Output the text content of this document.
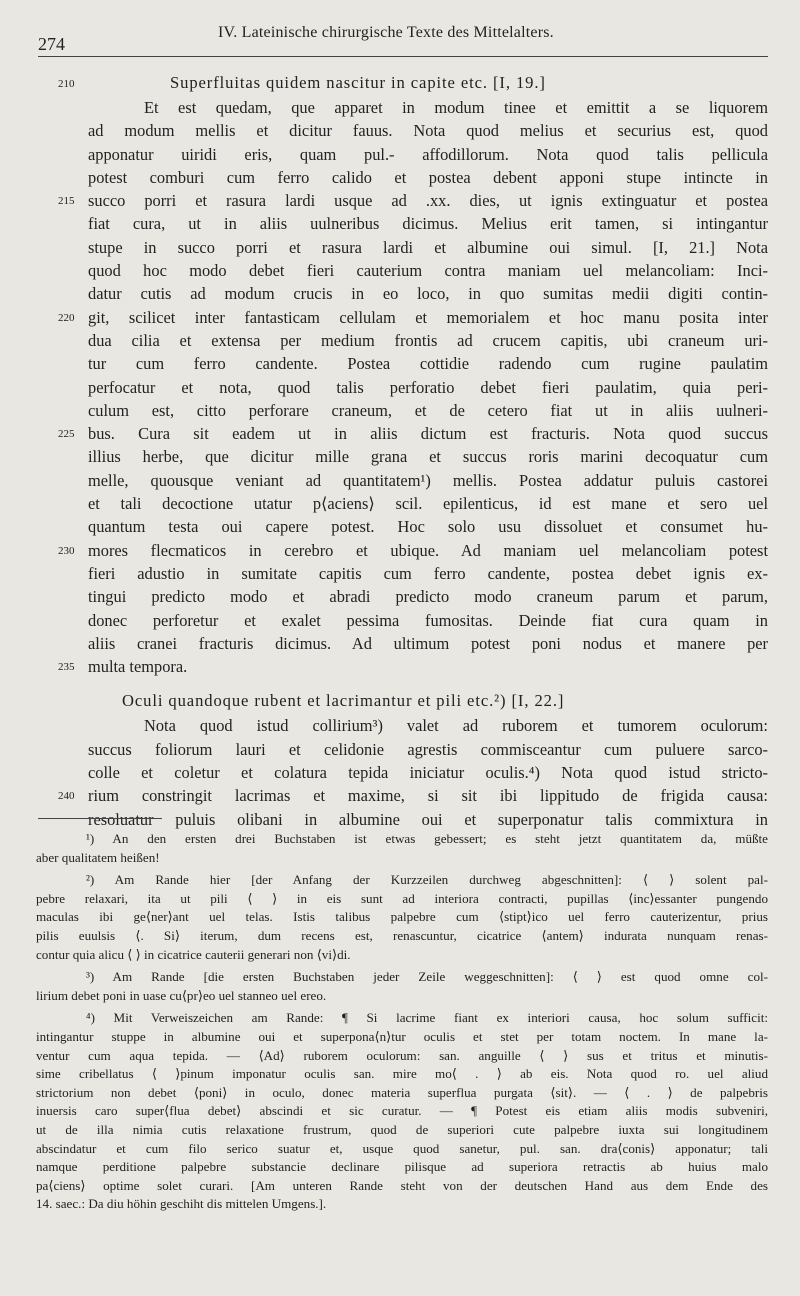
274
IV. Lateinische chirurgische Texte des Mittelalters.
210	Superfluitas quidem nascitur in capite etc. [I, 19.]
Et est quedam, que apparet in modum tinee et emittit a se liquorem
ad modum mellis et dicitur fauus. Nota quod melius et securius est, quod
apponatur uiridi eris, quam pul.- affodillorum. Nota quod talis pellicula
potest comburi cum ferro calido et postea debent apponi stupe intincte in
215 succo porri et rasura lardi usque ad .xx. dies, ut ignis extinguatur et postea
fiat cura, ut in aliis uulneribus dicimus. Melius erit tamen, si intingantur
stupe in succo porri et rasura lardi et albumine oui simul. [I, 21.] Nota
quod hoc modo debet fieri cauterium contra maniam uel melancoliam: Inci-
datur cutis ad modum crucis in eo loco, in quo sumitas medii digiti contin-
220 git, scilicet inter fantasticam cellulam et memorialem et hoc manu posita inter
dua cilia et extensa per medium frontis ad crucem capitis, ubi craneum uri-
tur cum ferro candente. Postea cottidie radendo cum rugine paulatim
perfocatur et nota, quod talis perforatio debet fieri paulatim, quia peri-
culum est, citto perforare craneum, et de cetero fiat ut in aliis uulneri-
225 bus. Cura sit eadem ut in aliis dictum est fracturis. Nota quod succus
illius herbe, que dicitur mille grana et succus roris marini decoquatur cum
melle, quousque veniant ad quantitatem¹) mellis. Postea addatur puluis castorei
et tali decoctione utatur p⟨aciens⟩ scil. epilenticus, id est mane et sero uel
quantum testa oui capere potest. Hoc solo usu dissoluet et consumet hu-
230 mores flecmaticos in cerebro et ubique. Ad maniam uel melancoliam potest
fieri adustio in sumitate capitis cum ferro candente, postea debet ignis ex-
tingui predicto modo et abradi predicto modo craneum parum et parum,
donec perforetur et exalet pessima fumositas. Deinde fiat cura quam in
aliis cranei fracturis dicimus. Ad ultimum potest poni nodus et manere per
235 multa tempora.
Oculi quandoque rubent et lacrimantur et pili etc.²) [I, 22.]
Nota quod istud collirium³) valet ad ruborem et tumorem oculorum:
succus foliorum lauri et celidonie agrestis commisceantur cum puluere sarco-
colle et coletur et colatura tepida iniciatur oculis.⁴) Nota quod istud stricto-
240 rium constringit lacrimas et maxime, si sit ibi lippitudo de frigida causa:
resoluatur puluis olibani in albumine oui et superponatur talis commixtura in
¹) An den ersten drei Buchstaben ist etwas gebessert; es steht jetzt quantitatem da, müßte
aber qualitatem heißen!
²) Am Rande hier [der Anfang der Kurzzeilen durchweg abgeschnitten]: ⟨ ⟩ solent pal-
pebre relaxari, ita ut pili ⟨ ⟩ in eis sunt ad interiora contracti, pupillas ⟨inc⟩essanter pungendo
maculas ibi ge⟨ner⟩ant uel telas. Istis talibus palpebre cum ⟨stipt⟩ico uel ferro cauterizentur, prius
pilis euulsis ⟨. Si⟩ iterum, dum recens est, renascuntur, cicatrice ⟨antem⟩ indurata nunquam renas-
contur quia alicu ⟨ ⟩ in cicatrice cauterii generari non ⟨vi⟩di.
³) Am Rande [die ersten Buchstaben jeder Zeile weggeschnitten]: ⟨ ⟩ est quod omne col-
lirium debet poni in uase cu⟨pr⟩eo uel stanneo uel ereo.
⁴) Mit Verweiszeichen am Rande: ¶ Si lacrime fiant ex interiori causa, hoc solum sufficit:
intingantur stuppe in albumine oui et superpona⟨n⟩tur oculis et stet per totam noctem. In mane la-
ventur cum aqua tepida. — ⟨Ad⟩ ruborem oculorum: san. anguille ⟨ ⟩ sus et tritus et minutis-
sime cribellatus ⟨ ⟩pinum imponatur oculis san. mire mo⟨ . ⟩ ab eis. Nota quod ro. uel aliud
strictorium non debet ⟨poni⟩ in oculo, donec materia superflua purgata ⟨sit⟩. — ⟨ . ⟩ de palpebris
inuersis caro super⟨flua debet⟩ abscindi et sic curatur. — ¶ Potest eis etiam aliis modis subveniri,
ut de illa nimia cutis relaxatione frustrum, quod de superiori cute palpebre iuxta sui longitudinem
abscindatur et cum filo serico suatur et, usque quod sanetur, pul. san. dra⟨conis⟩ apponatur; tali
namque perditione palpebre substancie declinare pilisque ad superiora retractis ab huius malo
pa⟨ciens⟩ optime solet curari. [Am unteren Rande steht von der deutschen Hand aus dem Ende des
14. saec.: Da diu höhin geschiht dis mittelen Umgens.].
